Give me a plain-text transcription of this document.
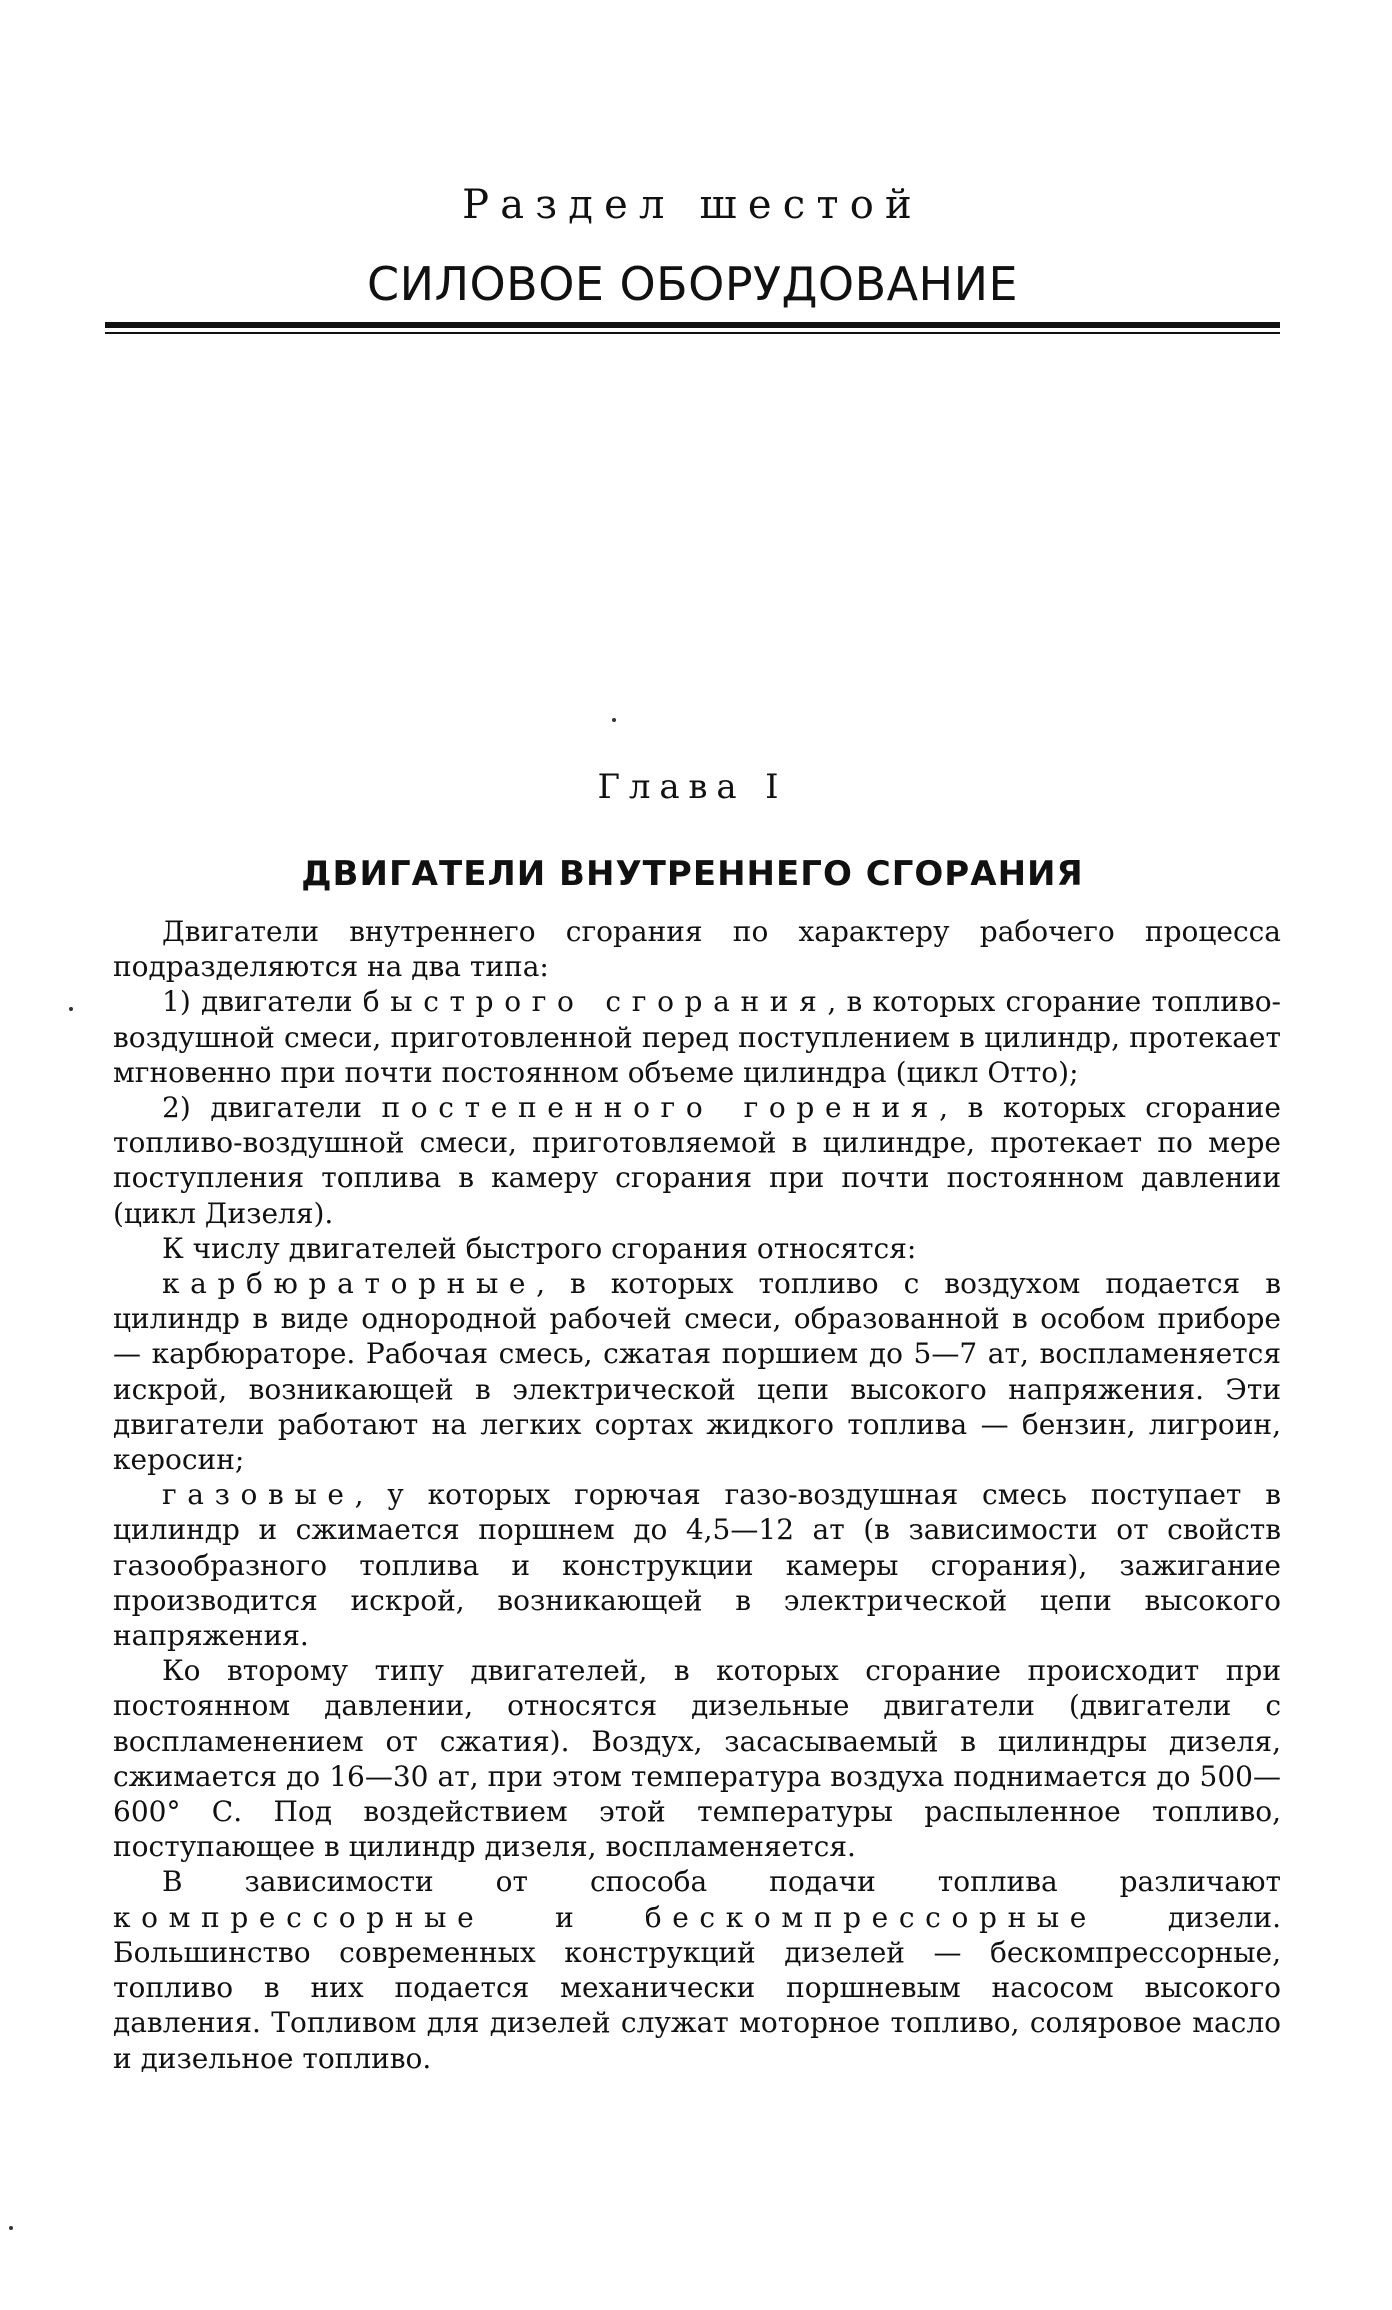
Раздел шестой
СИЛОВОЕ ОБОРУДОВАНИЕ
Глава I
ДВИГАТЕЛИ ВНУТРЕННЕГО СГОРАНИЯ

Двигатели внутреннего сгорания по характеру рабочего процесса подразделяются на два типа:

1) двигатели быстрого сгорания, в которых сгорание топливо-воздушной смеси, приготовленной перед поступлением в цилиндр, протекает мгновенно при почти постоянном объеме цилиндра (цикл Отто);

2) двигатели постепенного горения, в которых сгорание топливо-воздушной смеси, приготовляемой в цилиндре, протекает по мере поступления топлива в камеру сгорания при почти постоянном давлении (цикл Дизеля).

К числу двигателей быстрого сгорания относятся:

карбюраторные, в которых топливо с воздухом подается в цилиндр в виде однородной рабочей смеси, образованной в особом приборе — карбюраторе. Рабочая смесь, сжатая поршием до 5—7 ат, воспламеняется искрой, возникающей в электрической цепи высокого напряжения. Эти двигатели работают на легких сортах жидкого топлива — бензин, лигроин, керосин;

газовые, у которых горючая газо-воздушная смесь поступает в цилиндр и сжимается поршнем до 4,5—12 ат (в зависимости от свойств газообразного топлива и конструкции камеры сгорания), зажигание производится искрой, возникающей в электрической цепи высокого напряжения.

Ко второму типу двигателей, в которых сгорание происходит при постоянном давлении, относятся дизельные двигатели (двигатели с воспламенением от сжатия). Воздух, засасываемый в цилиндры дизеля, сжимается до 16—30 ат, при этом температура воздуха поднимается до 500—600° С. Под воздействием этой температуры распыленное топливо, поступающее в цилиндр дизеля, воспламеняется.

В зависимости от способа подачи топлива различают компрессорные и бескомпрессорные дизели. Большинство современных конструкций дизелей — бескомпрессорные, топливо в них подается механически поршневым насосом высокого давления. Топливом для дизелей служат моторное топливо, соляровое масло и дизельное топливо.
